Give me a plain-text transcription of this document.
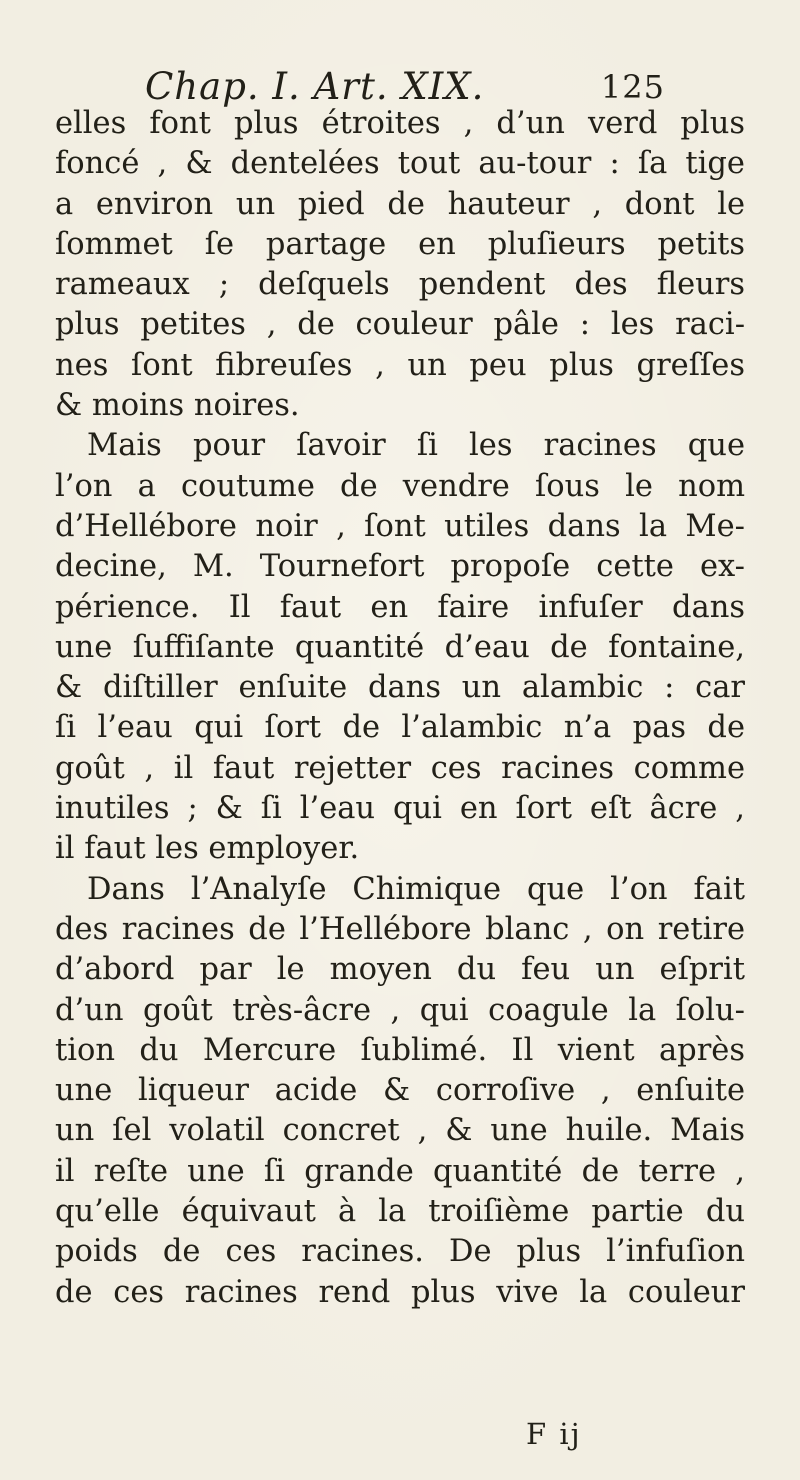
Chap. I. Art. XIX.	125
elles font plus étroites , d’un verd plus
foncé , & dentelées tout au-tour : ſa tige
a environ un pied de hauteur , dont le
ſommet ſe partage en pluſieurs petits
rameaux ; deſquels pendent des fleurs
plus petites , de couleur pâle : les raci-
nes ſont fibreuſes , un peu plus greſſes
& moins noires.
Mais pour ſavoir ſi les racines que
l’on a coutume de vendre ſous le nom
d’Hellébore noir , ſont utiles dans la Me-
decine, M. Tournefort propoſe cette ex-
périence. Il faut en faire infuſer dans
une ſuffiſante quantité d’eau de fontaine,
& diſtiller enſuite dans un alambic : car
ſi l’eau qui ſort de l’alambic n’a pas de
goût , il faut rejetter ces racines comme
inutiles ; & ſi l’eau qui en ſort eſt âcre ,
il faut les employer.
Dans l’Analyſe Chimique que l’on fait
des racines de l’Hellébore blanc , on retire
d’abord par le moyen du feu un eſprit
d’un goût très-âcre , qui coagule la ſolu-
tion du Mercure ſublimé. Il vient après
une liqueur acide & corroſive , enſuite
un ſel volatil concret , & une huile. Mais
il reſte une ſi grande quantité de terre ,
qu’elle équivaut à la troiſième partie du
poids de ces racines. De plus l’infuſion
de ces racines rend plus vive la couleur
F ij
